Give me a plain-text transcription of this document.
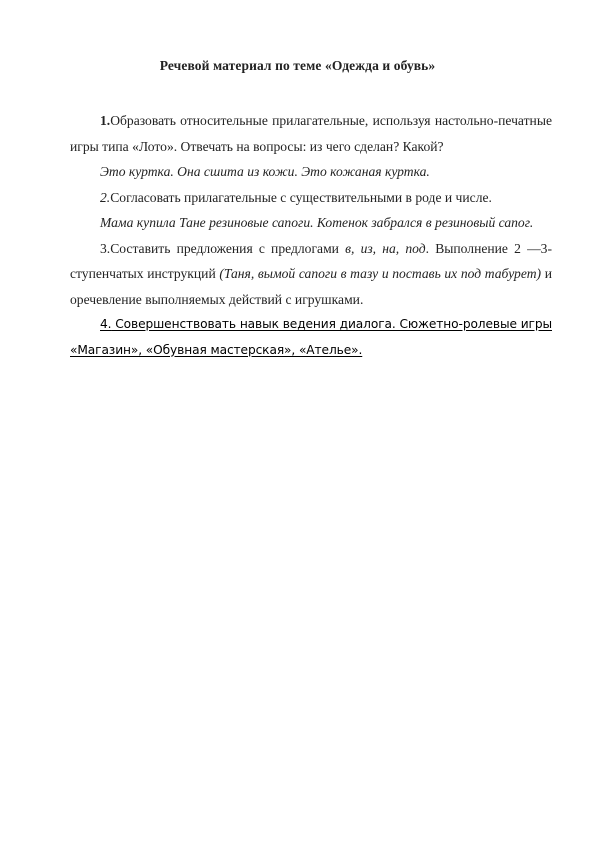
Речевой материал по теме «Одежда и обувь»

1.Образовать относительные прилагательные, используя настольно-печатные игры типа «Лото». Отвечать на вопросы: из чего сделан? Какой?

Это куртка. Она сшита из кожи. Это кожаная куртка.

2.Согласовать прилагательные с существительными в роде и числе.

Мама купила Тане резиновые сапоги. Котенок забрался в резиновый сапог.

3.Составить предложения с предлогами в, из, на, под. Выполнение 2 —3-ступенчатых инструкций (Таня, вымой сапоги в тазу и поставь их под табурет) и оречевление выполняемых действий с игрушками.

4. Совершенствовать навык ведения диалога. Сюжетно-ролевые игры «Магазин», «Обувная мастерская», «Ателье».
